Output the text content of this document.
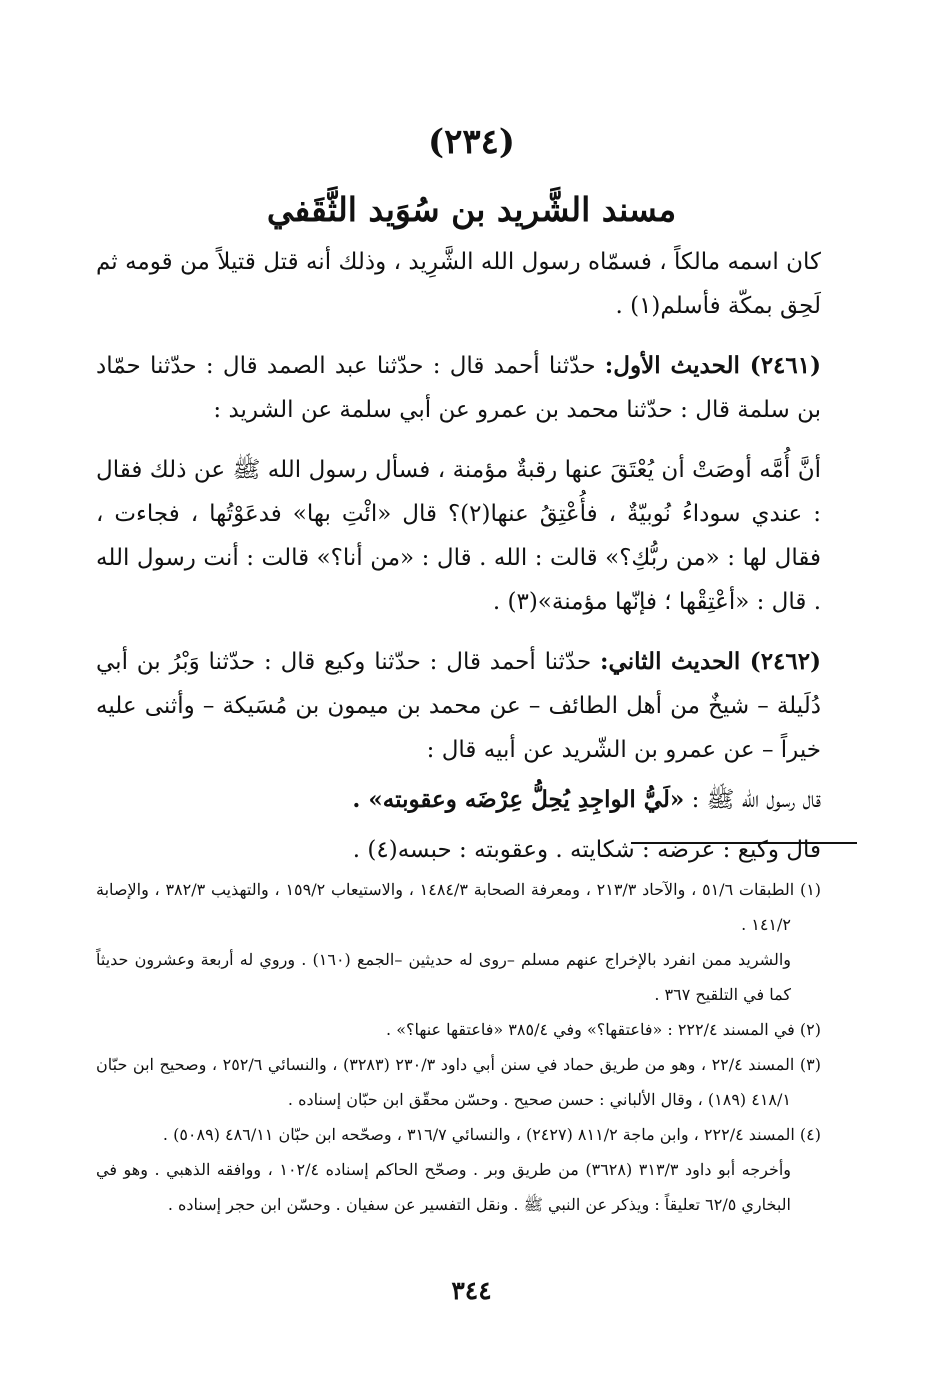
(٢٣٤)
مسند الشَّريد بن سُوَيد الثَّقَفي

كان اسمه مالكاً ، فسمّاه رسول الله الشَّرِيد ، وذلك أنه قتل قتيلاً من قومه ثم لَحِق بمكّة فأسلم(١) .

(٢٤٦١) الحديث الأول: حدّثنا أحمد قال : حدّثنا عبد الصمد قال : حدّثنا حمّاد بن سلمة قال : حدّثنا محمد بن عمرو عن أبي سلمة عن الشريد :

أنَّ أُمَّه أوصَتْ أن يُعْتَقَ عنها رقبةٌ مؤمنة ، فسأل رسول الله ﷺ عن ذلك فقال : عندي سوداءُ نُوبيّةٌ ، فأُعْتِقُ عنها(٢)؟ قال «ائْتِ بها» فدعَوْتُها ، فجاءت ، فقال لها : «من ربُّكِ؟» قالت : الله . قال : «من أنا؟» قالت : أنت رسول الله . قال : «أعْتِقْها ؛ فإنّها مؤمنة»(٣) .

(٢٤٦٢) الحديث الثاني: حدّثنا أحمد قال : حدّثنا وكيع قال : حدّثنا وَبْرُ بن أبي دُلَيلة – شيخٌ من أهل الطائف – عن محمد بن ميمون بن مُسَيكة – وأثنى عليه خيراً – عن عمرو بن الشّريد عن أبيه قال :

قال رسول الله ﷺ : «لَيُّ الواجِدِ يُحِلُّ عِرْضَه وعقوبته» .

قال وكيع : عرضه : شكايته . وعقوبته : حبسه(٤) .

(١) الطبقات ٥١/٦ ، والآحاد ٢١٣/٣ ، ومعرفة الصحابة ١٤٨٤/٣ ، والاستيعاب ١٥٩/٢ ، والتهذيب ٣٨٢/٣ ، والإصابة ١٤١/٢ .

والشريد ممن انفرد بالإخراج عنهم مسلم –روى له حديثين –الجمع (١٦٠) . وروي له أربعة وعشرون حديثاً كما في التلقيح ٣٦٧ .

(٢) في المسند ٢٢٢/٤ : «فاعتقها؟» وفي ٣٨٥/٤ «فاعتقها عنها؟» .

(٣) المسند ٢٢/٤ ، وهو من طريق حماد في سنن أبي داود ٢٣٠/٣ (٣٢٨٣) ، والنسائي ٢٥٢/٦ ، وصحيح ابن حبّان ٤١٨/١ (١٨٩) ، وقال الألباني : حسن صحيح . وحسّن محقّق ابن حبّان إسناده .

(٤) المسند ٢٢٢/٤ ، وابن ماجة ٨١١/٢ (٢٤٢٧) ، والنسائي ٣١٦/٧ ، وصحّحه ابن حبّان ٤٨٦/١١ (٥٠٨٩) .

وأخرجه أبو داود ٣١٣/٣ (٣٦٢٨) من طريق وبر . وصحّح الحاكم إسناده ١٠٢/٤ ، ووافقه الذهبي . وهو في البخاري ٦٢/٥ تعليقاً : ويذكر عن النبي ﷺ . ونقل التفسير عن سفيان . وحسّن ابن حجر إسناده .

٣٤٤
